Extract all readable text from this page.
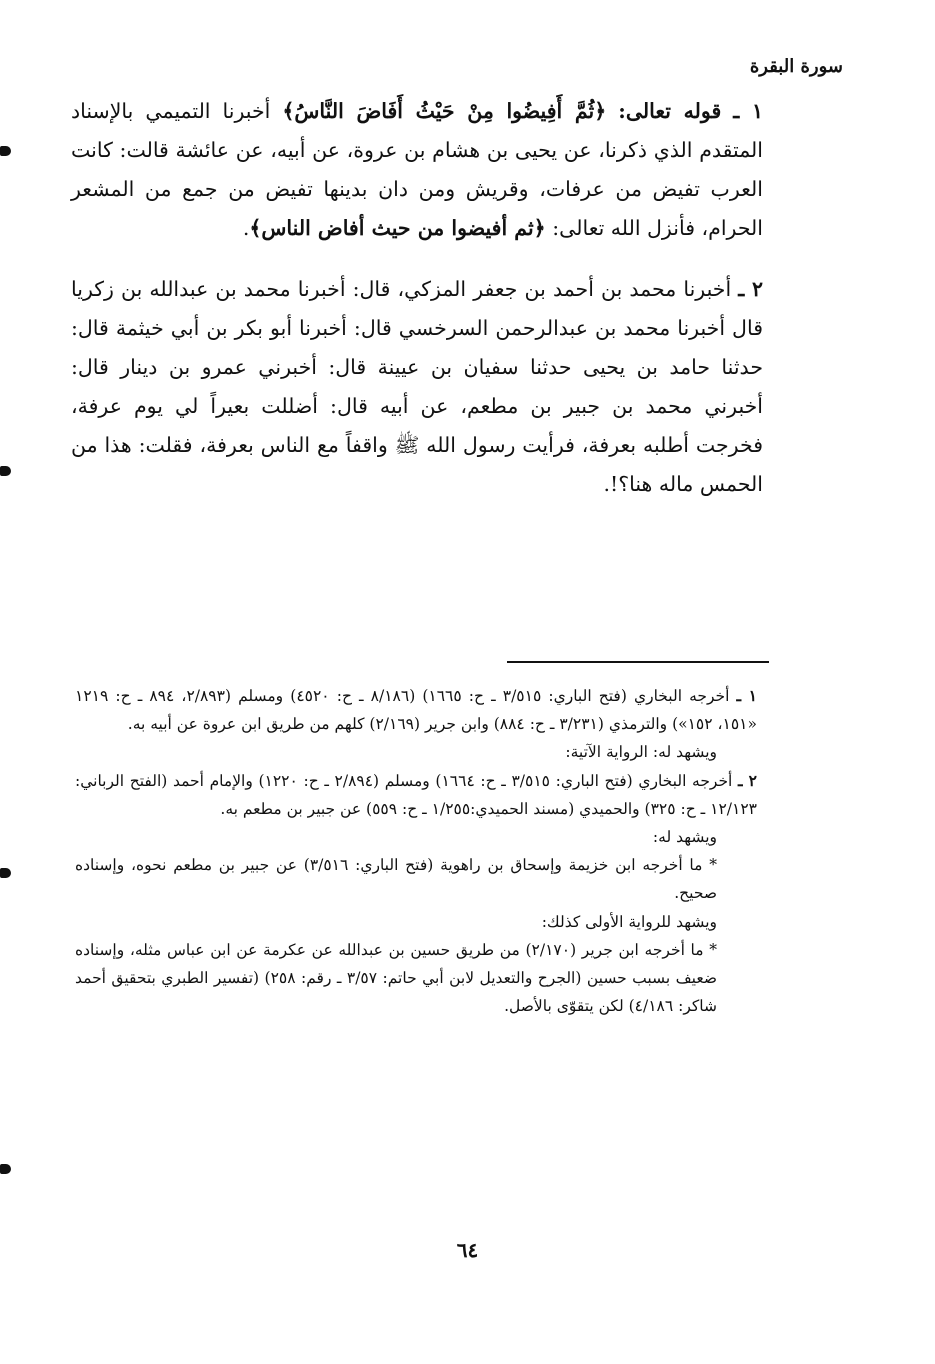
سورة البقرة

١ ـ قوله تعالى: ﴿ثُمَّ أَفِيضُوا مِنْ حَيْثُ أَفَاضَ النَّاسُ﴾ أخبرنا التميمي بالإسناد المتقدم الذي ذكرنا، عن يحيى بن هشام بن عروة، عن أبيه، عن عائشة قالت: كانت العرب تفيض من عرفات، وقريش ومن دان بدينها تفيض من جمع من المشعر الحرام، فأنزل الله تعالى: ﴿ثم أفيضوا من حيث أفاض الناس﴾.

٢ ـ أخبرنا محمد بن أحمد بن جعفر المزكي، قال: أخبرنا محمد بن عبدالله بن زكريا قال أخبرنا محمد بن عبدالرحمن السرخسي قال: أخبرنا أبو بكر بن أبي خيثمة قال: حدثنا حامد بن يحيى حدثنا سفيان بن عيينة قال: أخبرني عمرو بن دينار قال: أخبرني محمد بن جبير بن مطعم، عن أبيه قال: أضللت بعيراً لي يوم عرفة، فخرجت أطلبه بعرفة، فرأيت رسول الله ﷺ واقفاً مع الناس بعرفة، فقلت: هذا من الحمس ماله هنا؟!.

١ ـ أخرجه البخاري (فتح الباري: ٣/٥١٥ ـ ح: ١٦٦٥) (٨/١٨٦ ـ ح: ٤٥٢٠) ومسلم (٢/٨٩٣، ٨٩٤ ـ ح: ١٢١٩ «١٥١، ١٥٢») والترمذي (٣/٢٣١ ـ ح: ٨٨٤) وابن جرير (٢/١٦٩) كلهم من طريق ابن عروة عن أبيه به.

ويشهد له: الرواية الآتية:

٢ ـ أخرجه البخاري (فتح الباري: ٣/٥١٥ ـ ح: ١٦٦٤) ومسلم (٢/٨٩٤ ـ ح: ١٢٢٠) والإمام أحمد (الفتح الرباني: ١٢/١٢٣ ـ ح: ٣٢٥) والحميدي (مسند الحميدي:١/٢٥٥ ـ ح: ٥٥٩) عن جبير بن مطعم به.

ويشهد له:

* ما أخرجه ابن خزيمة وإسحاق بن راهوية (فتح الباري: ٣/٥١٦) عن جبير بن مطعم نحوه، وإسناده صحيح.

ويشهد للرواية الأولى كذلك:

* ما أخرجه ابن جرير (٢/١٧٠) من طريق حسين بن عبدالله عن عكرمة عن ابن عباس مثله، وإسناده ضعيف بسبب حسين (الجرح والتعديل لابن أبي حاتم: ٣/٥٧ ـ رقم: ٢٥٨) (تفسير الطبري بتحقيق أحمد شاكر: ٤/١٨٦) لكن يتقوّى بالأصل.

٦٤
